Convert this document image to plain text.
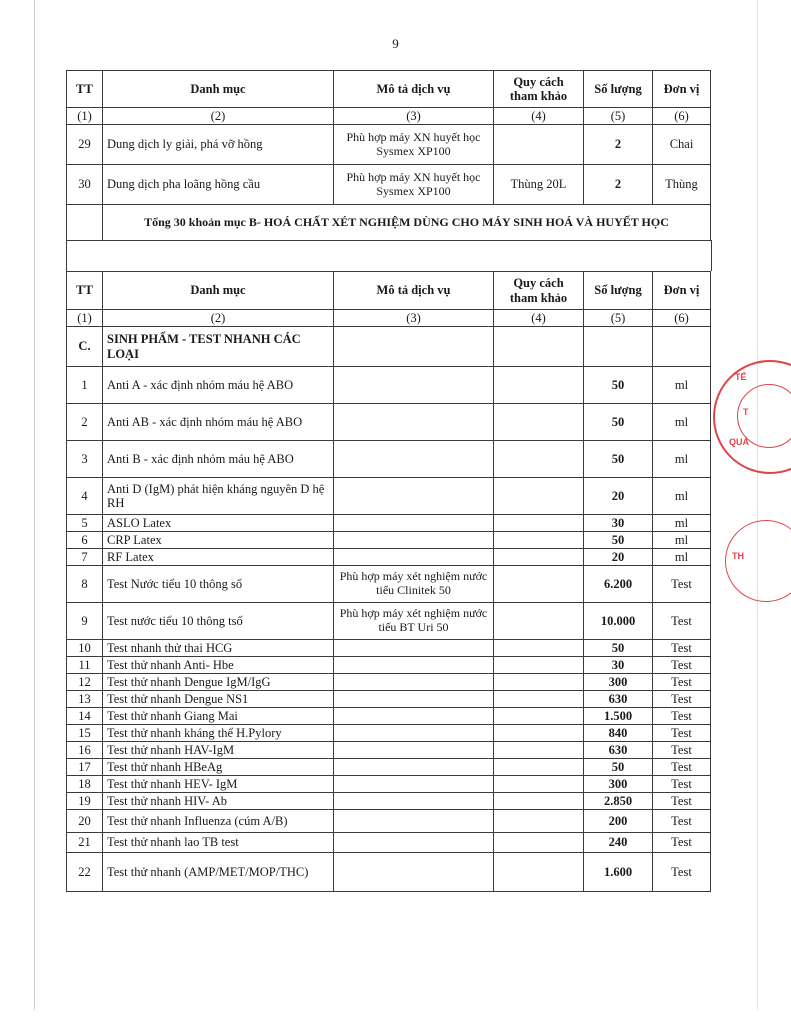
9
TT	Danh mục	Mô tả dịch vụ	Quy cách tham khảo	Số lượng	Đơn vị
(1)	(2)	(3)	(4)	(5)	(6)
29	Dung dịch ly giải, phá vỡ hồng	Phù hợp máy XN huyết học Sysmex XP100		2	Chai
30	Dung dịch pha loãng hồng cầu	Phù hợp máy XN huyết học Sysmex XP100	Thùng 20L	2	Thùng
	Tổng 30 khoản mục B- HOÁ CHẤT XÉT NGHIỆM DÙNG CHO MÁY SINH HOÁ VÀ HUYẾT HỌC				
TT	Danh mục	Mô tả dịch vụ	Quy cách tham khảo	Số lượng	Đơn vị
(1)	(2)	(3)	(4)	(5)	(6)
C.	SINH PHẨM - TEST NHANH CÁC LOẠI				
1	Anti A - xác định nhóm máu hệ ABO			50	ml
2	Anti AB - xác định nhóm máu hệ ABO			50	ml
3	Anti B - xác định nhóm máu hệ ABO			50	ml
4	Anti D (IgM) phát hiện kháng nguyên D hệ RH			20	ml
5	ASLO Latex			30	ml
6	CRP Latex			50	ml
7	RF Latex			20	ml
8	Test Nước tiểu 10 thông số	Phù hợp máy xét nghiệm nước tiểu Clinitek 50		6.200	Test
9	Test nước tiểu 10 thông tsố	Phù hợp máy xét nghiệm nước tiểu BT Uri 50		10.000	Test
10	Test nhanh thử thai HCG			50	Test
11	Test thử nhanh Anti- Hbe			30	Test
12	Test thử nhanh Dengue IgM/IgG			300	Test
13	Test thử nhanh Dengue NS1			630	Test
14	Test thử nhanh Giang Mai			1.500	Test
15	Test thử nhanh kháng thể H.Pylory			840	Test
16	Test thử nhanh HAV-IgM			630	Test
17	Test thử nhanh HBeAg			50	Test
18	Test thử nhanh HEV- IgM			300	Test
19	Test thử nhanh HIV- Ab			2.850	Test
20	Test thử nhanh Influenza (cúm A/B)			200	Test
21	Test thử nhanh lao TB test			240	Test
22	Test thử nhanh (AMP/MET/MOP/THC)			1.600	Test
TẾ
T
QUẢ
TH
